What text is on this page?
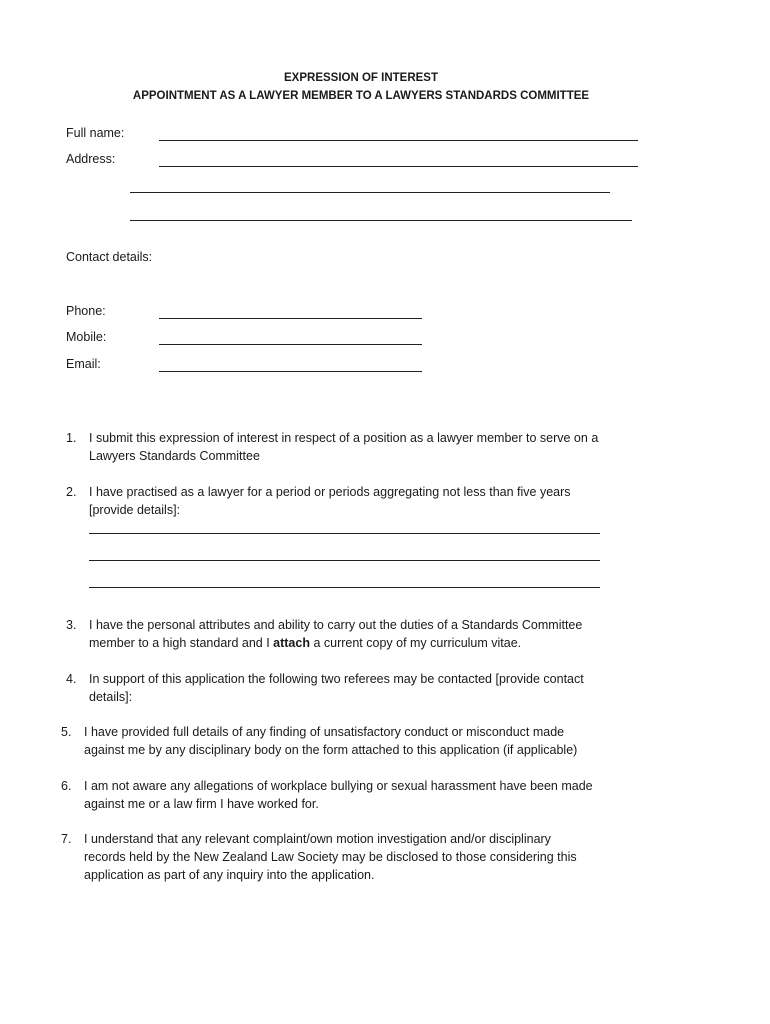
EXPRESSION OF INTEREST
APPOINTMENT AS A LAWYER MEMBER TO A LAWYERS STANDARDS COMMITTEE
Full name:
Address:
Contact details:
Phone:
Mobile:
Email:
1. I submit this expression of interest in respect of a position as a lawyer member to serve on a
Lawyers Standards Committee
2. I have practised as a lawyer for a period or periods aggregating not less than five years
[provide details]:
3. I have the personal attributes and ability to carry out the duties of a Standards Committee
member to a high standard and I attach a current copy of my curriculum vitae.
4. In support of this application the following two referees may be contacted [provide contact
details]:
5. I have provided full details of any finding of unsatisfactory conduct or misconduct made
against me by any disciplinary body on the form attached to this application (if applicable)
6. I am not aware any allegations of workplace bullying or sexual harassment have been made
against me or a law firm I have worked for.
7. I understand that any relevant complaint/own motion investigation and/or disciplinary
records held by the New Zealand Law Society may be disclosed to those considering this
application as part of any inquiry into the application.
